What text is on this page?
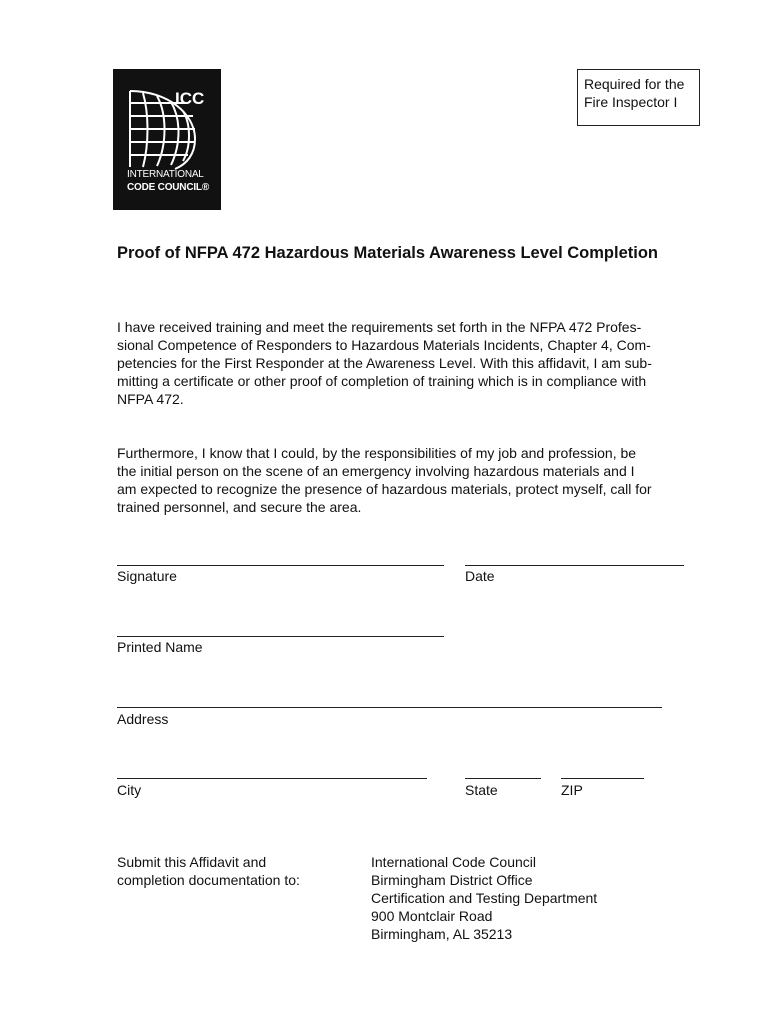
ICC
INTERNATIONAL
CODE COUNCIL®
Required for the
Fire Inspector I
Proof of NFPA 472 Hazardous Materials Awareness Level Completion
I have received training and meet the requirements set forth in the NFPA 472 Profes-
sional Competence of Responders to Hazardous Materials Incidents, Chapter 4, Com-
petencies for the First Responder at the Awareness Level. With this affidavit, I am sub-
mitting a certificate or other proof of completion of training which is in compliance with
NFPA 472.
Furthermore, I know that I could, by the responsibilities of my job and profession, be
the initial person on the scene of an emergency involving hazardous materials and I
am expected to recognize the presence of hazardous materials, protect myself, call for
trained personnel, and secure the area.
Signature	Date
Printed Name
Address
City	State	ZIP
Submit this Affidavit and
completion documentation to:
International Code Council
Birmingham District Office
Certification and Testing Department
900 Montclair Road
Birmingham, AL 35213
